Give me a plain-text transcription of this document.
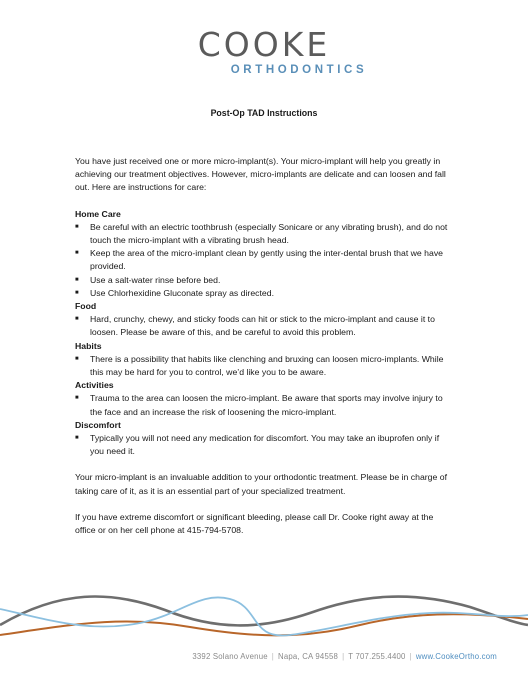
COOKE
ORTHODONTICS
Post-Op TAD Instructions

You have just received one or more micro-implant(s). Your micro-implant will help you greatly in achieving our treatment objectives. However, micro-implants are delicate and can loosen and fall out. Here are instructions for care:

Home Care
■ Be careful with an electric toothbrush (especially Sonicare or any vibrating brush), and do not touch the micro-implant with a vibrating brush head.
■ Keep the area of the micro-implant clean by gently using the inter-dental brush that we have provided.
■ Use a salt-water rinse before bed.
■ Use Chlorhexidine Gluconate spray as directed.
Food
■ Hard, crunchy, chewy, and sticky foods can hit or stick to the micro-implant and cause it to loosen. Please be aware of this, and be careful to avoid this problem.
Habits
■ There is a possibility that habits like clenching and bruxing can loosen micro-implants. While this may be hard for you to control, we’d like you to be aware.
Activities
■ Trauma to the area can loosen the micro-implant. Be aware that sports may involve injury to the face and an increase the risk of loosening the micro-implant.
Discomfort
■ Typically you will not need any medication for discomfort. You may take an ibuprofen only if you need it.

Your micro-implant is an invaluable addition to your orthodontic treatment. Please be in charge of taking care of it, as it is an essential part of your specialized treatment.

If you have extreme discomfort or significant bleeding, please call Dr. Cooke right away at the office or on her cell phone at 415-794-5708.

3392 Solano Avenue | Napa, CA 94558 | T 707.255.4400 | www.CookeOrtho.com
